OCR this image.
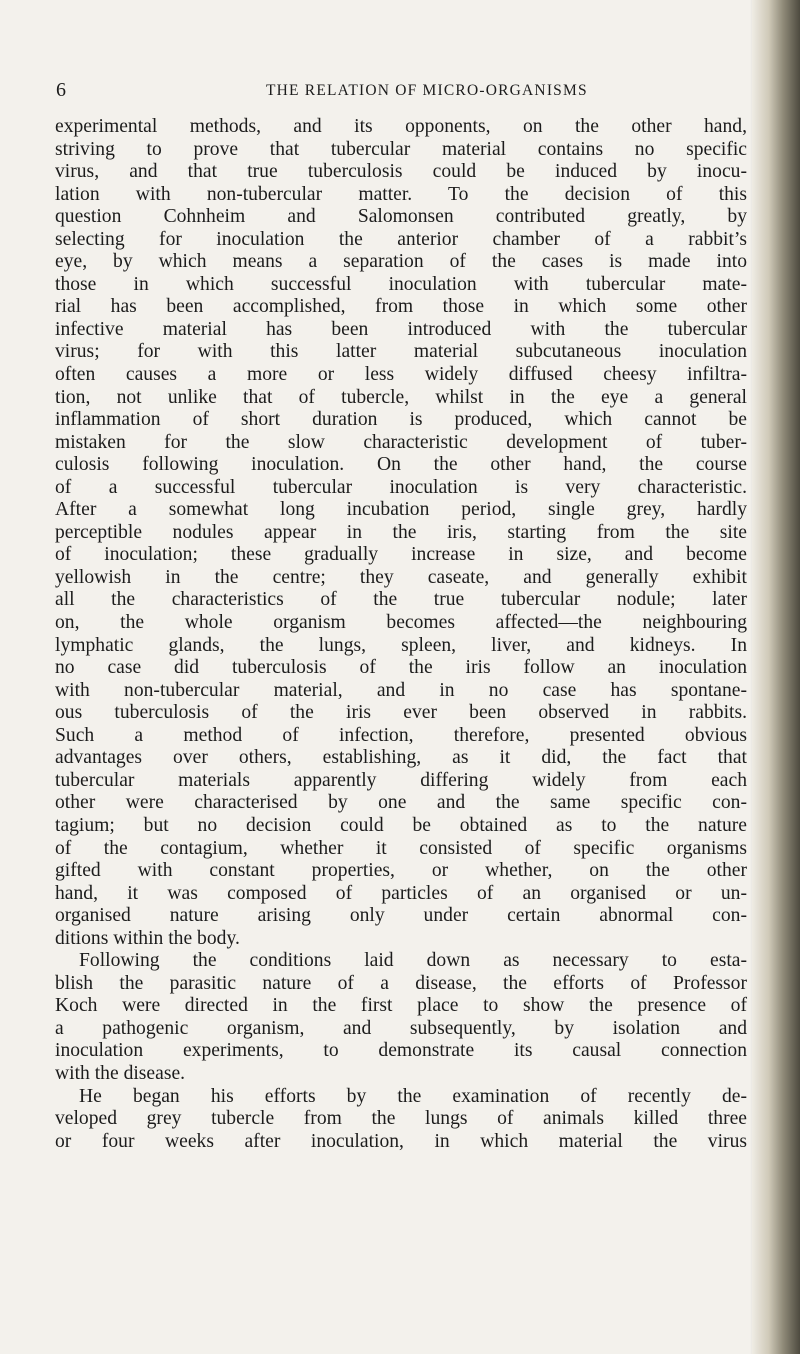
6	THE RELATION OF MICRO-ORGANISMS
experimental methods, and its opponents, on the other hand,
striving to prove that tubercular material contains no specific
virus, and that true tuberculosis could be induced by inocu-
lation with non-tubercular matter. To the decision of this
question Cohnheim and Salomonsen contributed greatly, by
selecting for inoculation the anterior chamber of a rabbit’s
eye, by which means a separation of the cases is made into
those in which successful inoculation with tubercular mate-
rial has been accomplished, from those in which some other
infective material has been introduced with the tubercular
virus; for with this latter material subcutaneous inoculation
often causes a more or less widely diffused cheesy infiltra-
tion, not unlike that of tubercle, whilst in the eye a general
inflammation of short duration is produced, which cannot be
mistaken for the slow characteristic development of tuber-
culosis following inoculation. On the other hand, the course
of a successful tubercular inoculation is very characteristic.
After a somewhat long incubation period, single grey, hardly
perceptible nodules appear in the iris, starting from the site
of inoculation; these gradually increase in size, and become
yellowish in the centre; they caseate, and generally exhibit
all the characteristics of the true tubercular nodule; later
on, the whole organism becomes affected—the neighbouring
lymphatic glands, the lungs, spleen, liver, and kidneys. In
no case did tuberculosis of the iris follow an inoculation
with non-tubercular material, and in no case has spontane-
ous tuberculosis of the iris ever been observed in rabbits.
Such a method of infection, therefore, presented obvious
advantages over others, establishing, as it did, the fact that
tubercular materials apparently differing widely from each
other were characterised by one and the same specific con-
tagium; but no decision could be obtained as to the nature
of the contagium, whether it consisted of specific organisms
gifted with constant properties, or whether, on the other
hand, it was composed of particles of an organised or un-
organised nature arising only under certain abnormal con-
ditions within the body.
Following the conditions laid down as necessary to esta-
blish the parasitic nature of a disease, the efforts of Professor
Koch were directed in the first place to show the presence of
a pathogenic organism, and subsequently, by isolation and
inoculation experiments, to demonstrate its causal connection
with the disease.
He began his efforts by the examination of recently de-
veloped grey tubercle from the lungs of animals killed three
or four weeks after inoculation, in which material the virus
